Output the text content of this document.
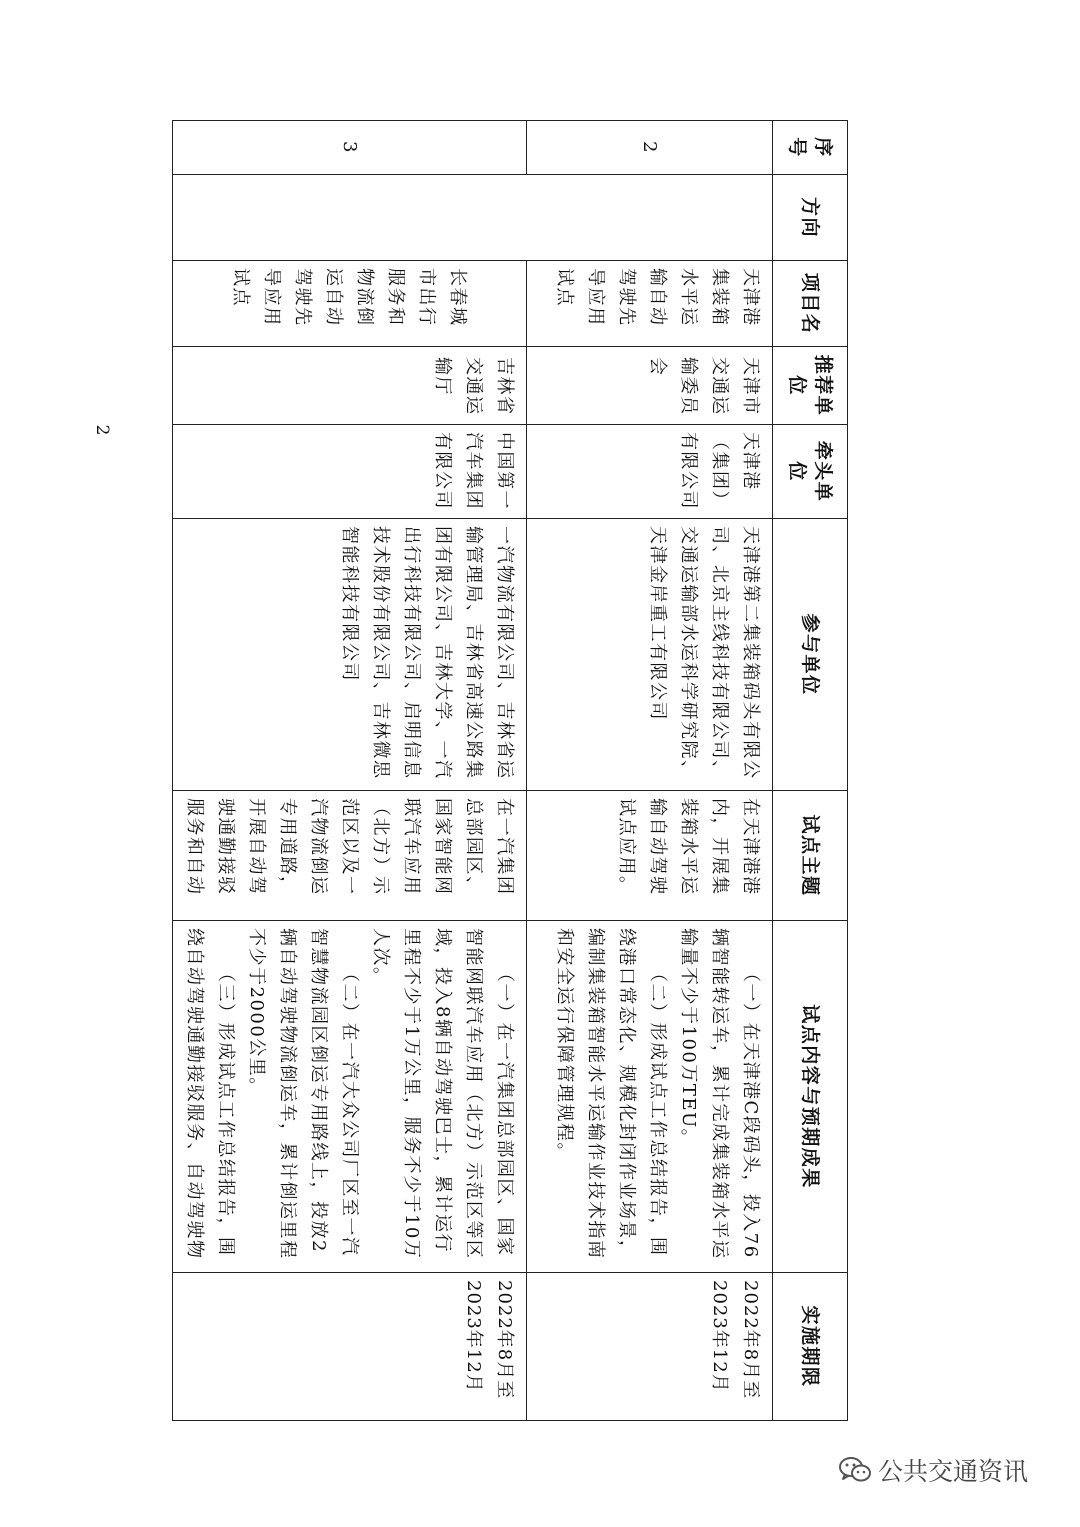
序号	方向	项目名	推荐单位	牵头单位	参与单位	试点主题	试点内容与预期成果	实施期限
2		天津港集装箱水平运输自动驾驶先导应用试点	天津市交通运输委员会	天津港（集团）有限公司	天津港第二集装箱码头有限公司、北京主线科技有限公司、交通运输部水运科学研究院、天津金岸重工有限公司	在天津港港内，开展集装箱水平运输自动驾驶试点应用。	（一）在天津港C段码头，投入76辆智能转运车，累计完成集装箱水平运输量不少于100万TEU。
（二）形成试点工作总结报告，围绕港口常态化、规模化封闭作业场景，编制集装箱智能水平运输作业技术指南和安全运行保障管理规程。	2022年8月至2023年12月
3		长春城市出行服务和物流倒运自动驾驶先导应用试点	吉林省交通运输厅	中国第一汽车集团有限公司	一汽物流有限公司、吉林省运输管理局、吉林省高速公路集团有限公司、吉林大学、一汽出行科技有限公司、启明信息技术股份有限公司、吉林微思智能科技有限公司	在一汽集团总部园区、国家智能网联汽车应用（北方）示范区以及一汽物流倒运专用道路，开展自动驾驶通勤接驳服务和自动	（一）在一汽集团总部园区、国家智能网联汽车应用（北方）示范区等区域，投入8辆自动驾驶巴士，累计运行里程不少于1万公里，服务不少于10万人次。
（二）在一汽大众公司厂区至一汽智慧物流园区倒运专用路线上，投放2辆自动驾驶物流倒运车，累计倒运里程不少于2000公里。
（三）形成试点工作总结报告，围绕自动驾驶通勤接驳服务、自动驾驶物	2022年8月至2023年12月
2
公共交通资讯
